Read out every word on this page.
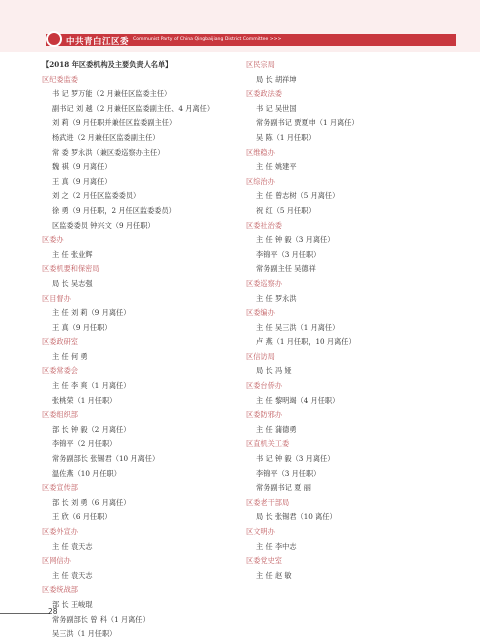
中共青白江区委 Communist Party of China Qingbaijiang District Committee >>>
【2018 年区委机构及主要负责人名单】
区纪委监委
书 记 罗万能（2 月兼任区监委主任）
副书记 刘 越（2 月兼任区监委副主任、4 月离任）
刘 莉（9 月任职并兼任区监委副主任）
杨武进（2 月兼任区监委副主任）
常 委 罗永洪（兼区委巡察办主任）
魏 祺（9 月离任）
王 真（9 月离任）
刘 之（2 月任区监委委员）
徐 勇（9 月任职，2 月任区监委委员）
区监委委员 钟兴文（9 月任职）
区委办
主 任 张业辉
区委机要和保密局
局 长 吴志强
区目督办
主 任 刘 莉（9 月离任）
王 真（9 月任职）
区委政研室
主 任 何 勇
区委常委会
主 任 李 爽（1 月离任）
张桃荣（1 月任职）
区委组织部
部 长 钟 毅（2 月离任）
李锦平（2 月任职）
常务副部长 张锡君（10 月离任）
温佐燕（10 月任职）
区委宣传部
部 长 刘 勇（6 月离任）
王 欣（6 月任职）
区委外宣办
主 任 袁天志
区网信办
主 任 袁天志
区委统战部
部 长 王峻琨
常务副部长 曾 科（1 月离任）
吴三洪（1 月任职）
区民宗局
局 长 胡祥坤
区委政法委
书 记 吴世国
常务副书记 贾夏申（1 月离任）
吴 陈（1 月任职）
区维稳办
主 任 姚建平
区综治办
主 任 曾志树（5 月离任）
祝 红（5 月任职）
区委社治委
主 任 钟 毅（3 月离任）
李锦平（3 月任职）
常务副主任 吴德祥
区委巡察办
主 任 罗永洪
区委编办
主 任 吴三洪（1 月离任）
卢 燕（1 月任职，10 月离任）
区信访局
局 长 冯 娅
区委台侨办
主 任 黎明竭（4 月任职）
区委防邪办
主 任 蒲德勇
区直机关工委
书 记 钟 毅（3 月离任）
李锦平（3 月任职）
常务副书记 夏 丽
区委老干部局
局 长 张锡君（10 离任）
区文明办
主 任 李中志
区委党史室
主 任 赵 敏
28
